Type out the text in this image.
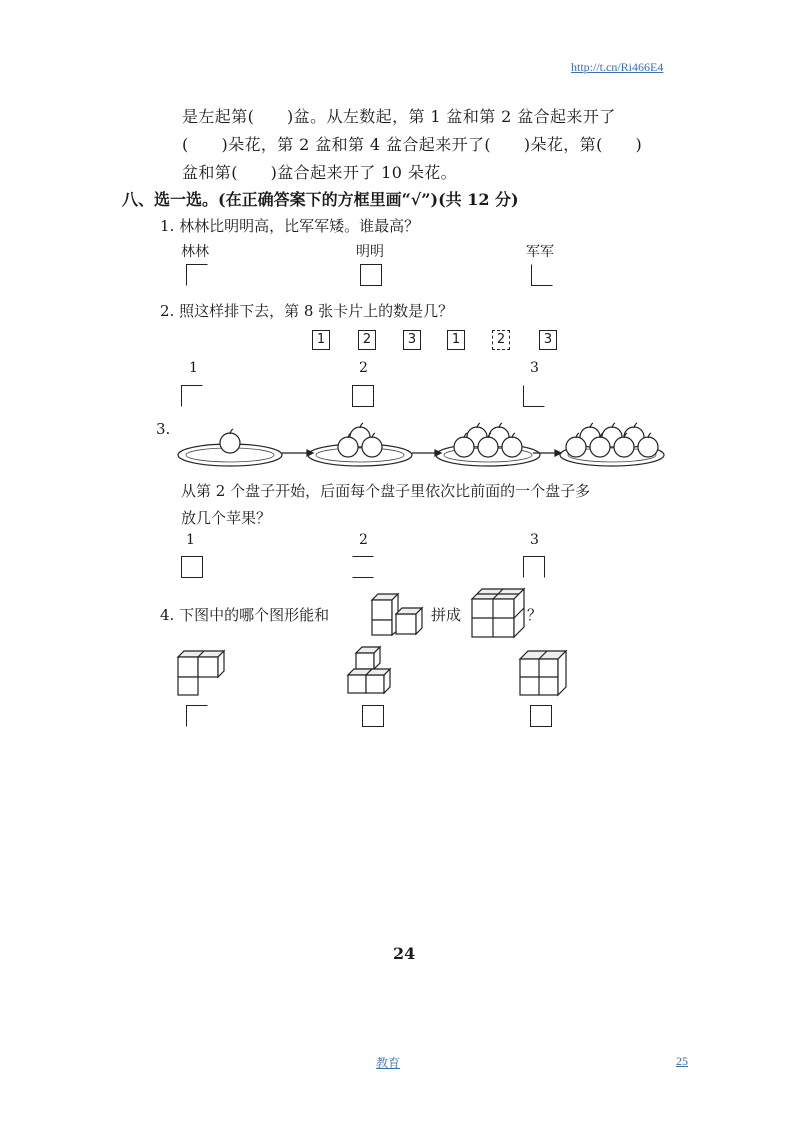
http://t.cn/Ri466E4
是左起第(　　)盆。从左数起，第 1 盆和第 2 盆合起来开了
(　　)朵花，第 2 盆和第 4 盆合起来开了(　　)朵花，第(　　)
盆和第(　　)盆合起来开了 10 朵花。
八、选一选。(在正确答案下的方框里画“√”)(共 12 分)
1. 林林比明明高，比军军矮。谁最高？
林林	明明	军军
2. 照这样排下去，第 8 张卡片上的数是几？
1	2	3	1	2	3
1	2	3
3.
从第 2 个盘子开始，后面每个盘子里依次比前面的一个盘子多
放几个苹果？
1	2	3
4. 下图中的哪个图形能和	拼成	？
24
教育	25
